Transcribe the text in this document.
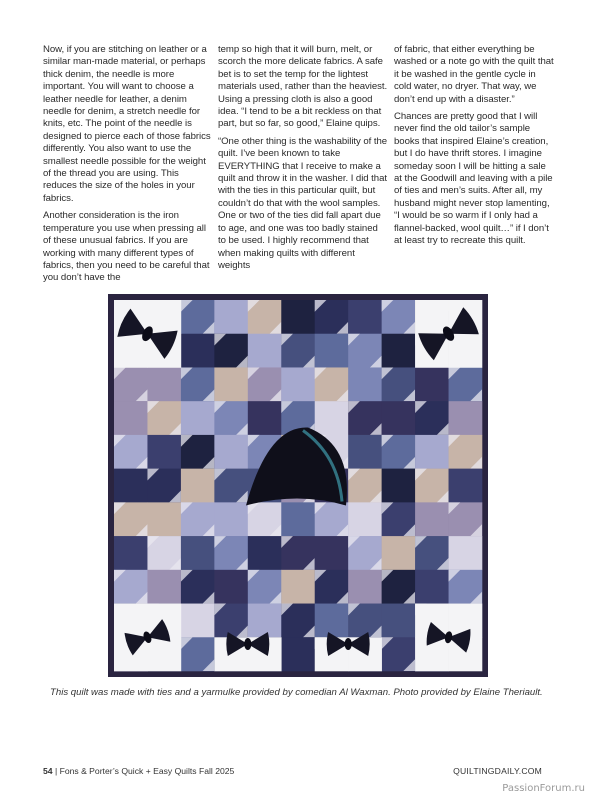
Now, if you are stitching on leather or a similar man-made material, or perhaps thick denim, the needle is more important. You will want to choose a leather needle for leather, a denim needle for denim, a stretch needle for knits, etc. The point of the needle is designed to pierce each of those fabrics differently. You also want to use the smallest needle possible for the weight of the thread you are using. This reduces the size of the holes in your fabrics.

Another consideration is the iron temperature you use when pressing all of these unusual fabrics. If you are working with many different types of fabrics, then you need to be careful that you don’t have the

temp so high that it will burn, melt, or scorch the more delicate fabrics. A safe bet is to set the temp for the lightest materials used, rather than the heaviest. Using a pressing cloth is also a good idea. “I tend to be a bit reckless on that part, but so far, so good,” Elaine quips.

“One other thing is the washability of the quilt. I’ve been known to take EVERYTHING that I receive to make a quilt and throw it in the washer. I did that with the ties in this particular quilt, but couldn’t do that with the wool samples. One or two of the ties did fall apart due to age, and one was too badly stained to be used. I highly recommend that when making quilts with different weights

of fabric, that either everything be washed or a note go with the quilt that it be washed in the gentle cycle in cold water, no dryer. That way, we don’t end up with a disaster.”

Chances are pretty good that I will never find the old tailor’s sample books that inspired Elaine’s creation, but I do have thrift stores. I imagine someday soon I will be hitting a sale at the Goodwill and leaving with a pile of ties and men’s suits. After all, my husband might never stop lamenting, “I would be so warm if I only had a flannel-backed, wool quilt…” if I don’t at least try to recreate this quilt.

This quilt was made with ties and a yarmulke provided by comedian Al Waxman. Photo provided by Elaine Theriault.
54 | Fons & Porter’s Quick + Easy Quilts Fall 2025	QUILTINGDAILY.COM
PassionForum.ru
